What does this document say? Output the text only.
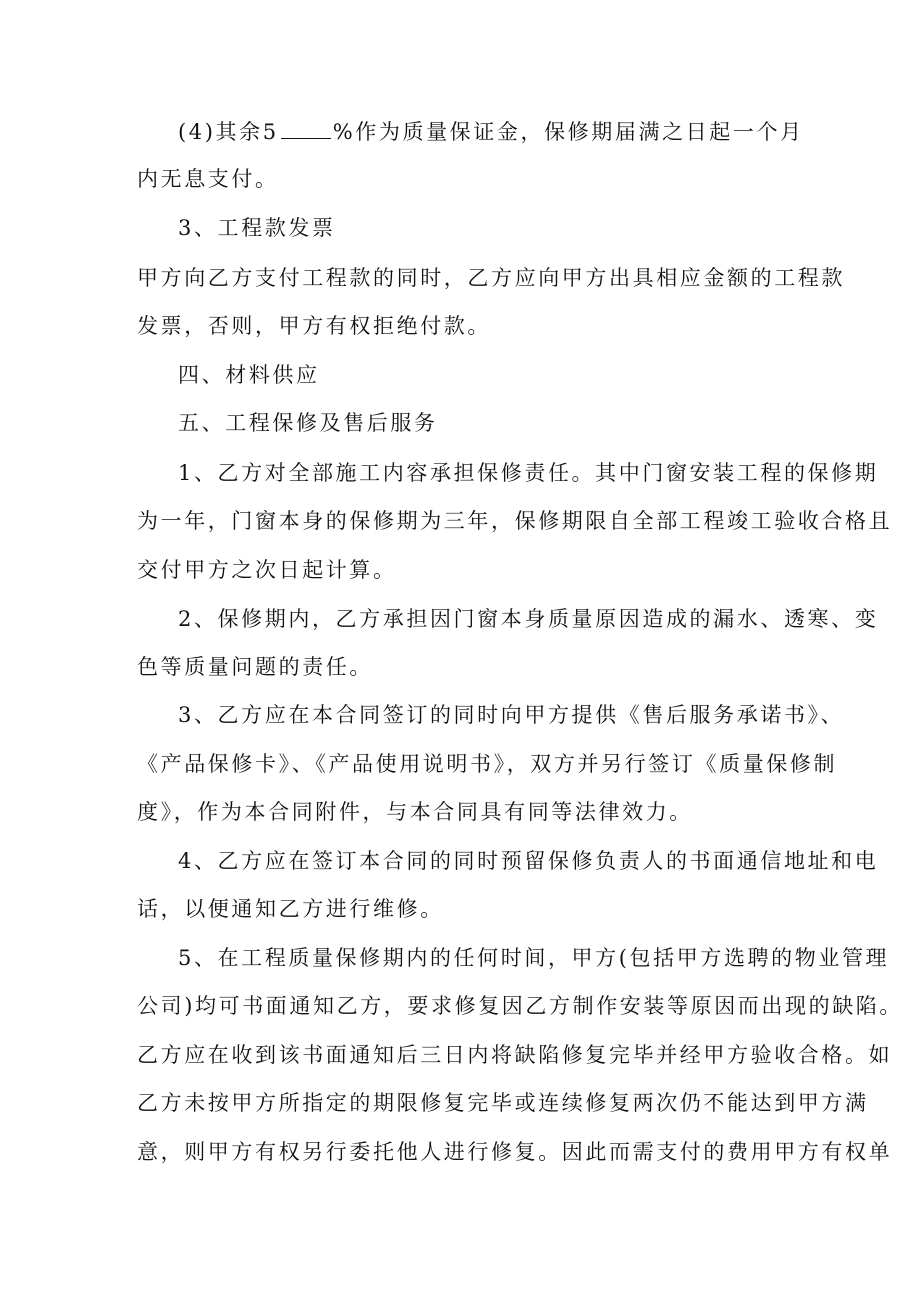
(4)其余5	%作为质量保证金，保修期届满之日起一个月
内无息支付。
3、工程款发票
甲方向乙方支付工程款的同时，乙方应向甲方出具相应金额的工程款
发票，否则，甲方有权拒绝付款。
四、材料供应
五、工程保修及售后服务
1、乙方对全部施工内容承担保修责任。其中门窗安装工程的保修期
为一年，门窗本身的保修期为三年，保修期限自全部工程竣工验收合格且
交付甲方之次日起计算。
2、保修期内，乙方承担因门窗本身质量原因造成的漏水、透寒、变
色等质量问题的责任。
3、乙方应在本合同签订的同时向甲方提供《售后服务承诺书》、
《产品保修卡》、《产品使用说明书》，双方并另行签订《质量保修制
度》，作为本合同附件，与本合同具有同等法律效力。
4、乙方应在签订本合同的同时预留保修负责人的书面通信地址和电
话，以便通知乙方进行维修。
5、在工程质量保修期内的任何时间，甲方(包括甲方选聘的物业管理
公司)均可书面通知乙方，要求修复因乙方制作安装等原因而出现的缺陷。
乙方应在收到该书面通知后三日内将缺陷修复完毕并经甲方验收合格。如
乙方未按甲方所指定的期限修复完毕或连续修复两次仍不能达到甲方满
意，则甲方有权另行委托他人进行修复。因此而需支付的费用甲方有权单
